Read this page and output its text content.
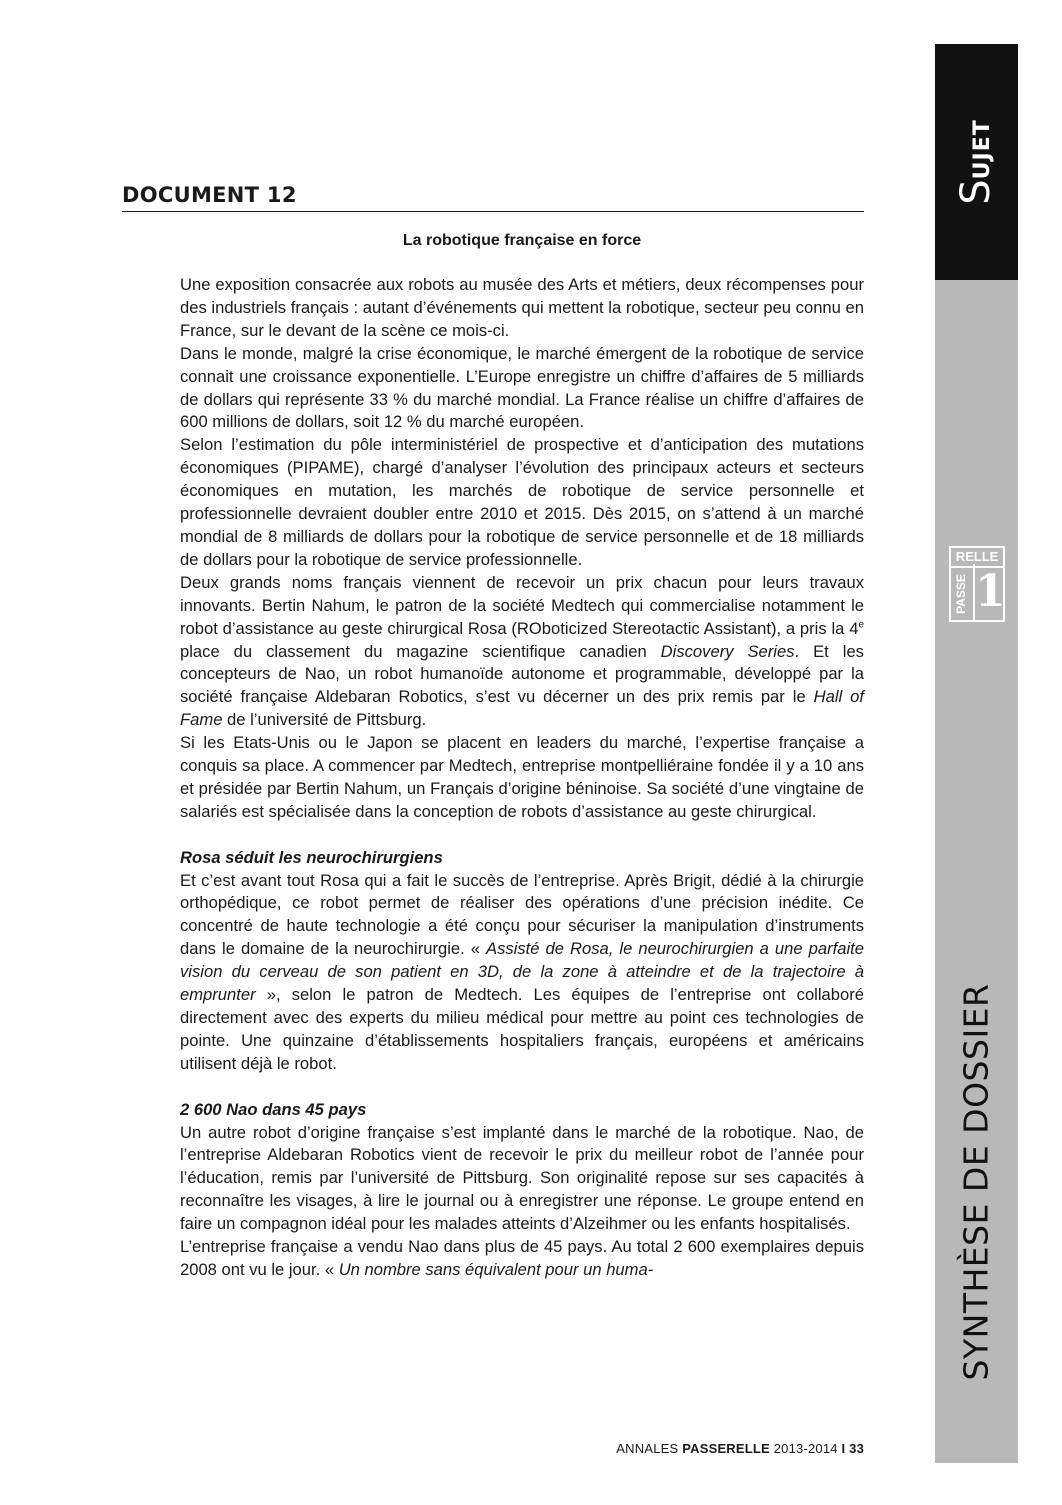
DOCUMENT 12
La robotique française en force

Une exposition consacrée aux robots au musée des Arts et métiers, deux récompenses pour des industriels français : autant d’événements qui mettent la robotique, secteur peu connu en France, sur le devant de la scène ce mois-ci.

Dans le monde, malgré la crise économique, le marché émergent de la robotique de service connait une croissance exponentielle. L’Europe enregistre un chiffre d’affaires de 5 milliards de dollars qui représente 33 % du marché mondial. La France réalise un chiffre d’affaires de 600 millions de dollars, soit 12 % du marché européen.

Selon l’estimation du pôle interministériel de prospective et d’anticipation des mutations économiques (PIPAME), chargé d’analyser l’évolution des principaux acteurs et secteurs économiques en mutation, les marchés de robotique de service personnelle et professionnelle devraient doubler entre 2010 et 2015. Dès 2015, on s’attend à un marché mondial de 8 milliards de dollars pour la robotique de service personnelle et de 18 milliards de dollars pour la robotique de service professionnelle.

Deux grands noms français viennent de recevoir un prix chacun pour leurs travaux innovants. Bertin Nahum, le patron de la société Medtech qui commercialise notamment le robot d’assistance au geste chirurgical Rosa (ROboticized Stereotactic Assistant), a pris la 4e place du classement du magazine scientifique canadien Discovery Series. Et les concepteurs de Nao, un robot humanoïde autonome et programmable, développé par la société française Aldebaran Robotics, s’est vu décerner un des prix remis par le Hall of Fame de l’université de Pittsburg.

Si les Etats-Unis ou le Japon se placent en leaders du marché, l’expertise française a conquis sa place. A commencer par Medtech, entreprise montpelliéraine fondée il y a 10 ans et présidée par Bertin Nahum, un Français d’origine béninoise. Sa société d’une vingtaine de salariés est spécialisée dans la conception de robots d’assistance au geste chirurgical.

Rosa séduit les neurochirurgiens

Et c’est avant tout Rosa qui a fait le succès de l’entreprise. Après Brigit, dédié à la chirurgie orthopédique, ce robot permet de réaliser des opérations d’une précision inédite. Ce concentré de haute technologie a été conçu pour sécuriser la manipulation d’instruments dans le domaine de la neurochirurgie. « Assisté de Rosa, le neurochirurgien a une parfaite vision du cerveau de son patient en 3D, de la zone à atteindre et de la trajectoire à emprunter », selon le patron de Medtech. Les équipes de l’entreprise ont collaboré directement avec des experts du milieu médical pour mettre au point ces technologies de pointe. Une quinzaine d’établissements hospitaliers français, européens et américains utilisent déjà le robot.

2 600 Nao dans 45 pays

Un autre robot d’origine française s’est implanté dans le marché de la robotique. Nao, de l’entreprise Aldebaran Robotics vient de recevoir le prix du meilleur robot de l’année pour l’éducation, remis par l’université de Pittsburg. Son originalité repose sur ses capacités à reconnaître les visages, à lire le journal ou à enregistrer une réponse. Le groupe entend en faire un compagnon idéal pour les malades atteints d’Alzeihmer ou les enfants hospitalisés.

L’entreprise française a vendu Nao dans plus de 45 pays. Au total 2 600 exemplaires depuis 2008 ont vu le jour. « Un nombre sans équivalent pour un huma-

ANNALES PASSERELLE 2013-2014 I 33
SUJET
RELLE
PASSE 1
SYNTHÈSE DE DOSSIER
